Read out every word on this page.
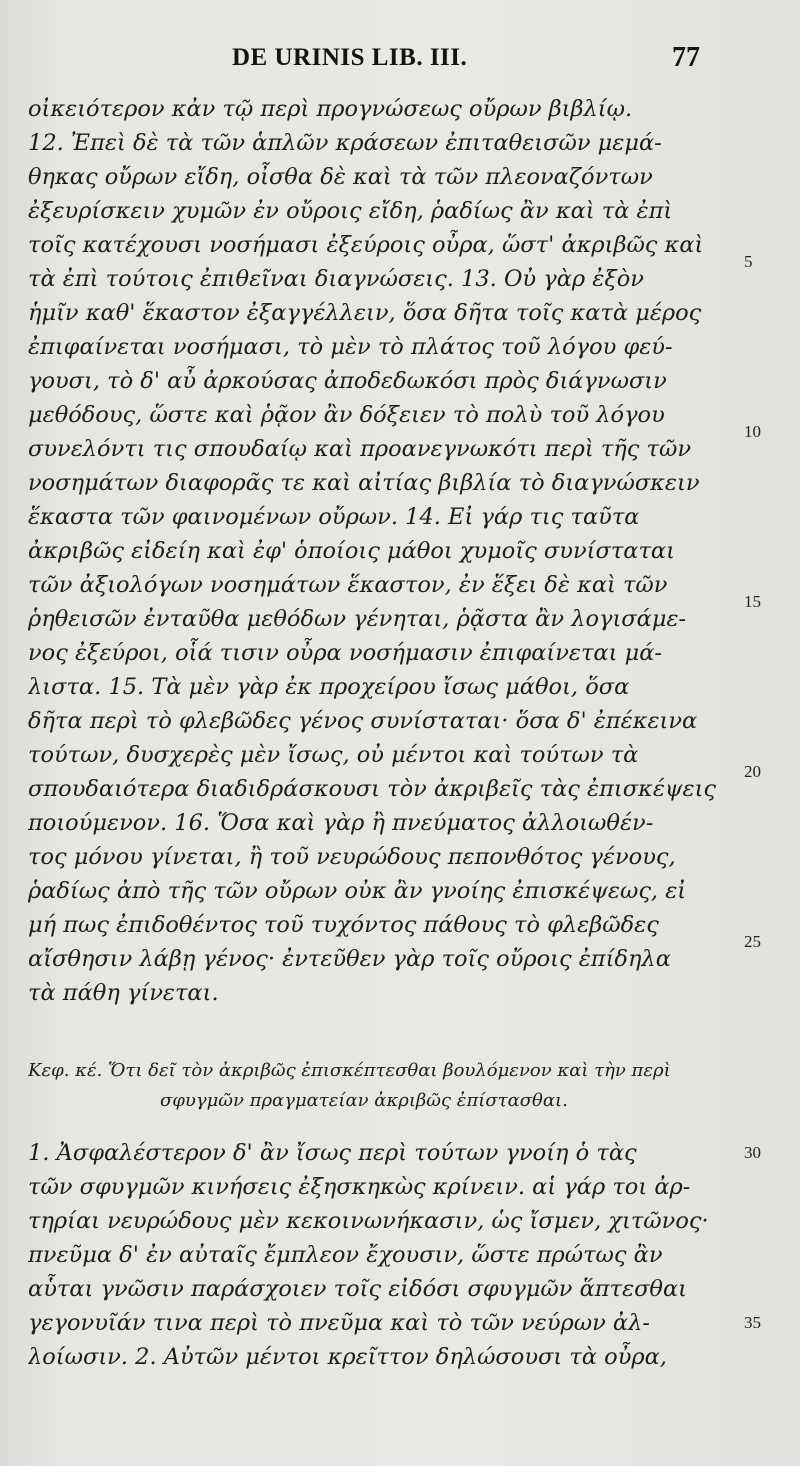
DE URINIS LIB. III.	77
οἰκειότερον κἀν τῷ περὶ προγνώσεως οὔρων βιβλίῳ.
12. Ἐπεὶ δὲ τὰ τῶν ἁπλῶν κράσεων ἐπιταθεισῶν μεμά-
θηκας οὔρων εἴδη, οἶσθα δὲ καὶ τὰ τῶν πλεοναζόντων
ἐξευρίσκειν χυμῶν ἐν οὔροις εἴδη, ῥαδίως ἂν καὶ τὰ ἐπὶ
τοῖς κατέχουσι νοσήμασι ἐξεύροις οὖρα, ὥστ' ἀκριβῶς καὶ
τὰ ἐπὶ τούτοις ἐπιθεῖναι διαγνώσεις. 13. Οὐ γὰρ ἐξὸν
ἡμῖν καθ' ἕκαστον ἐξαγγέλλειν, ὅσα δῆτα τοῖς κατὰ μέρος
ἐπιφαίνεται νοσήμασι, τὸ μὲν τὸ πλάτος τοῦ λόγου φεύ-
γουσι, τὸ δ' αὖ ἀρκούσας ἀποδεδωκόσι πρὸς διάγνωσιν
μεθόδους, ὥστε καὶ ῥᾷον ἂν δόξειεν τὸ πολὺ τοῦ λόγου
συνελόντι τις σπουδαίῳ καὶ προανεγνωκότι περὶ τῆς τῶν
νοσημάτων διαφορᾶς τε καὶ αἰτίας βιβλία τὸ διαγνώσκειν
ἕκαστα τῶν φαινομένων οὔρων. 14. Εἰ γάρ τις ταῦτα
ἀκριβῶς εἰδείη καὶ ἐφ' ὁποίοις μάθοι χυμοῖς συνίσταται
τῶν ἀξιολόγων νοσημάτων ἕκαστον, ἐν ἕξει δὲ καὶ τῶν
ῥηθεισῶν ἐνταῦθα μεθόδων γένηται, ῥᾷστα ἂν λογισάμε-
νος ἐξεύροι, οἷά τισιν οὖρα νοσήμασιν ἐπιφαίνεται μά-
λιστα. 15. Τὰ μὲν γὰρ ἐκ προχείρου ἴσως μάθοι, ὅσα
δῆτα περὶ τὸ φλεβῶδες γένος συνίσταται· ὅσα δ' ἐπέκεινα
τούτων, δυσχερὲς μὲν ἴσως, οὐ μέντοι καὶ τούτων τὰ
σπουδαιότερα διαδιδράσκουσι τὸν ἀκριβεῖς τὰς ἐπισκέψεις
ποιούμενον. 16. Ὅσα καὶ γὰρ ἢ πνεύματος ἀλλοιωθέν-
τος μόνου γίνεται, ἢ τοῦ νευρώδους πεπονθότος γένους,
ῥαδίως ἀπὸ τῆς τῶν οὔρων οὐκ ἂν γνοίης ἐπισκέψεως, εἰ
μή πως ἐπιδοθέντος τοῦ τυχόντος πάθους τὸ φλεβῶδες
αἴσθησιν λάβῃ γένος· ἐντεῦθεν γὰρ τοῖς οὔροις ἐπίδηλα
τὰ πάθη γίνεται.
Κεφ. κέ. Ὅτι δεῖ τὸν ἀκριβῶς ἐπισκέπτεσθαι βουλόμενον καὶ τὴν περὶ
σφυγμῶν πραγματείαν ἀκριβῶς ἐπίστασθαι.
1. Ἀσφαλέστερον δ' ἂν ἴσως περὶ τούτων γνοίη ὁ τὰς
τῶν σφυγμῶν κινήσεις ἐξησκηκὼς κρίνειν. αἱ γάρ τοι ἀρ-
τηρίαι νευρώδους μὲν κεκοινωνήκασιν, ὡς ἴσμεν, χιτῶνος·
πνεῦμα δ' ἐν αὐταῖς ἔμπλεον ἔχουσιν, ὥστε πρώτως ἂν
αὗται γνῶσιν παράσχοιεν τοῖς εἰδόσι σφυγμῶν ἅπτεσθαι
γεγονυῖάν τινα περὶ τὸ πνεῦμα καὶ τὸ τῶν νεύρων ἀλ-
λοίωσιν. 2. Αὐτῶν μέντοι κρεῖττον δηλώσουσι τὰ οὖρα,
5
10
15
20
25
30
35
